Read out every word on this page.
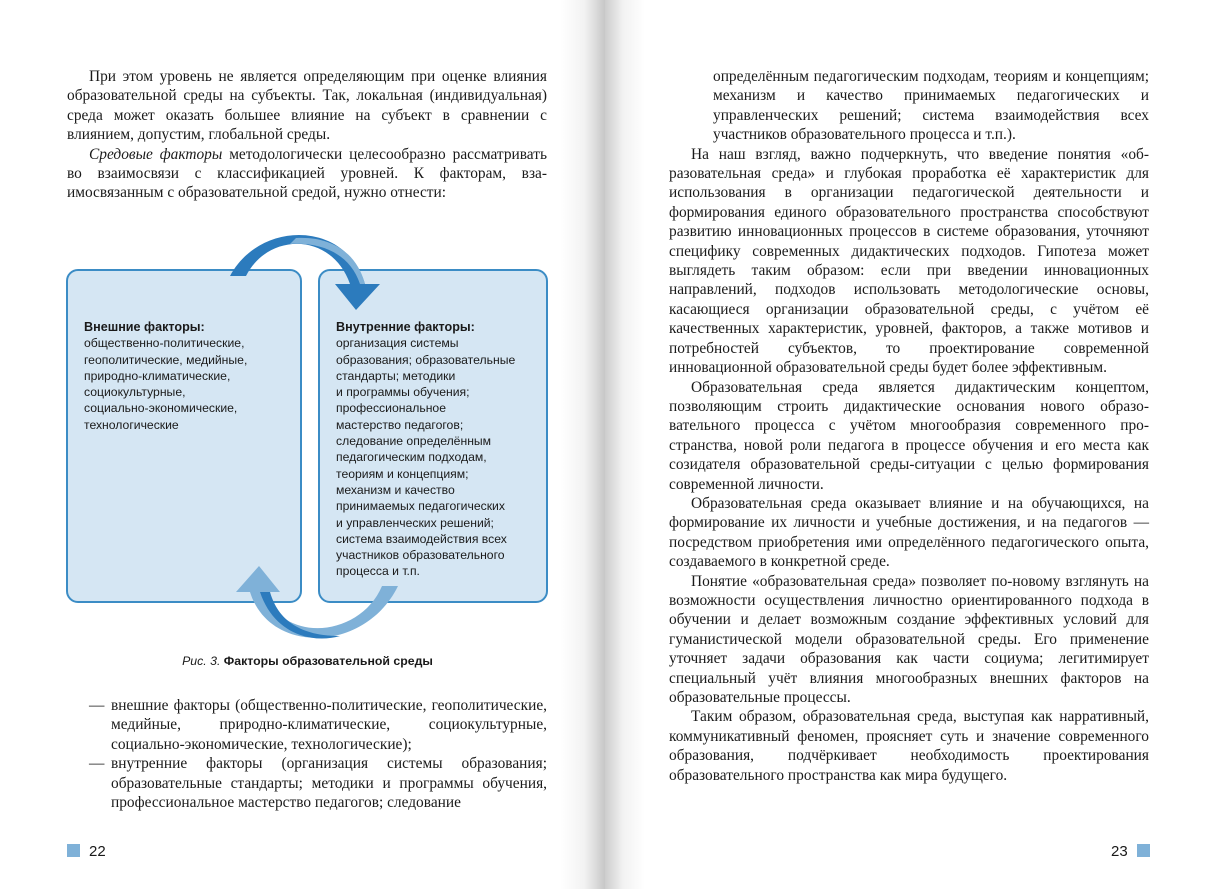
При этом уровень не является определяющим при оценке влияния образовательной среды на субъекты. Так, локальная (индивидуальная) среда может оказать большее влияние на субъект в сравнении с влиянием, допустим, глобальной среды.

Средовые факторы методологически целесообразно рассматривать во взаимосвязи с классификацией уровней. К факторам, взаимосвязанным с образовательной средой, нужно отнести:

Внешние факторы:
общественно-политические,
геополитические, медийные,
природно-климатические,
социокультурные,
социально-экономические,
технологические
Внутренние факторы:
организация системы
образования; образовательные
стандарты; методики
и программы обучения;
профессиональное
мастерство педагогов;
следование определённым
педагогическим подходам,
теориям и концепциям;
механизм и качество
принимаемых педагогических
и управленческих решений;
система взаимодействия всех
участников образовательного
процесса и т.п.
Рис. 3. Факторы образовательной среды

— внешние факторы (общественно-политические, геополитические, медийные, природно-климатические, социокультурные, социально-экономические, технологические);

— внутренние факторы (организация системы образования; образовательные стандарты; методики и программы обучения, профессиональное мастерство педагогов; следование

определённым педагогическим подходам, теориям и концепциям; механизм и качество принимаемых педагогических и управленческих решений; система взаимодействия всех участников образовательного процесса и т.п.).

На наш взгляд, важно подчеркнуть, что введение понятия «образовательная среда» и глубокая проработка её характеристик для использования в организации педагогической деятельности и формирования единого образовательного пространства способствуют развитию инновационных процессов в системе образования, уточняют специфику современных дидактических подходов. Гипотеза может выглядеть таким образом: если при введении инновационных направлений, подходов использовать методологические основы, касающиеся организации образовательной среды, с учётом её качественных характеристик, уровней, факторов, а также мотивов и потребностей субъектов, то проектирование современной инновационной образовательной среды будет более эффективным.

Образовательная среда является дидактическим концептом, позволяющим строить дидактические основания нового образовательного процесса с учётом многообразия современного пространства, новой роли педагога в процессе обучения и его места как созидателя образовательной среды-ситуации с целью формирования современной личности.

Образовательная среда оказывает влияние и на обучающихся, на формирование их личности и учебные достижения, и на педагогов — посредством приобретения ими определённого педагогического опыта, создаваемого в конкретной среде.

Понятие «образовательная среда» позволяет по-новому взглянуть на возможности осуществления личностно ориентированного подхода в обучении и делает возможным создание эффективных условий для гуманистической модели образовательной среды. Его применение уточняет задачи образования как части социума; легитимирует специальный учёт влияния многообразных внешних факторов на образовательные процессы.

Таким образом, образовательная среда, выступая как нарративный, коммуникативный феномен, проясняет суть и значение современного образования, подчёркивает необходимость проектирования образовательного пространства как мира будущего.

22	23
